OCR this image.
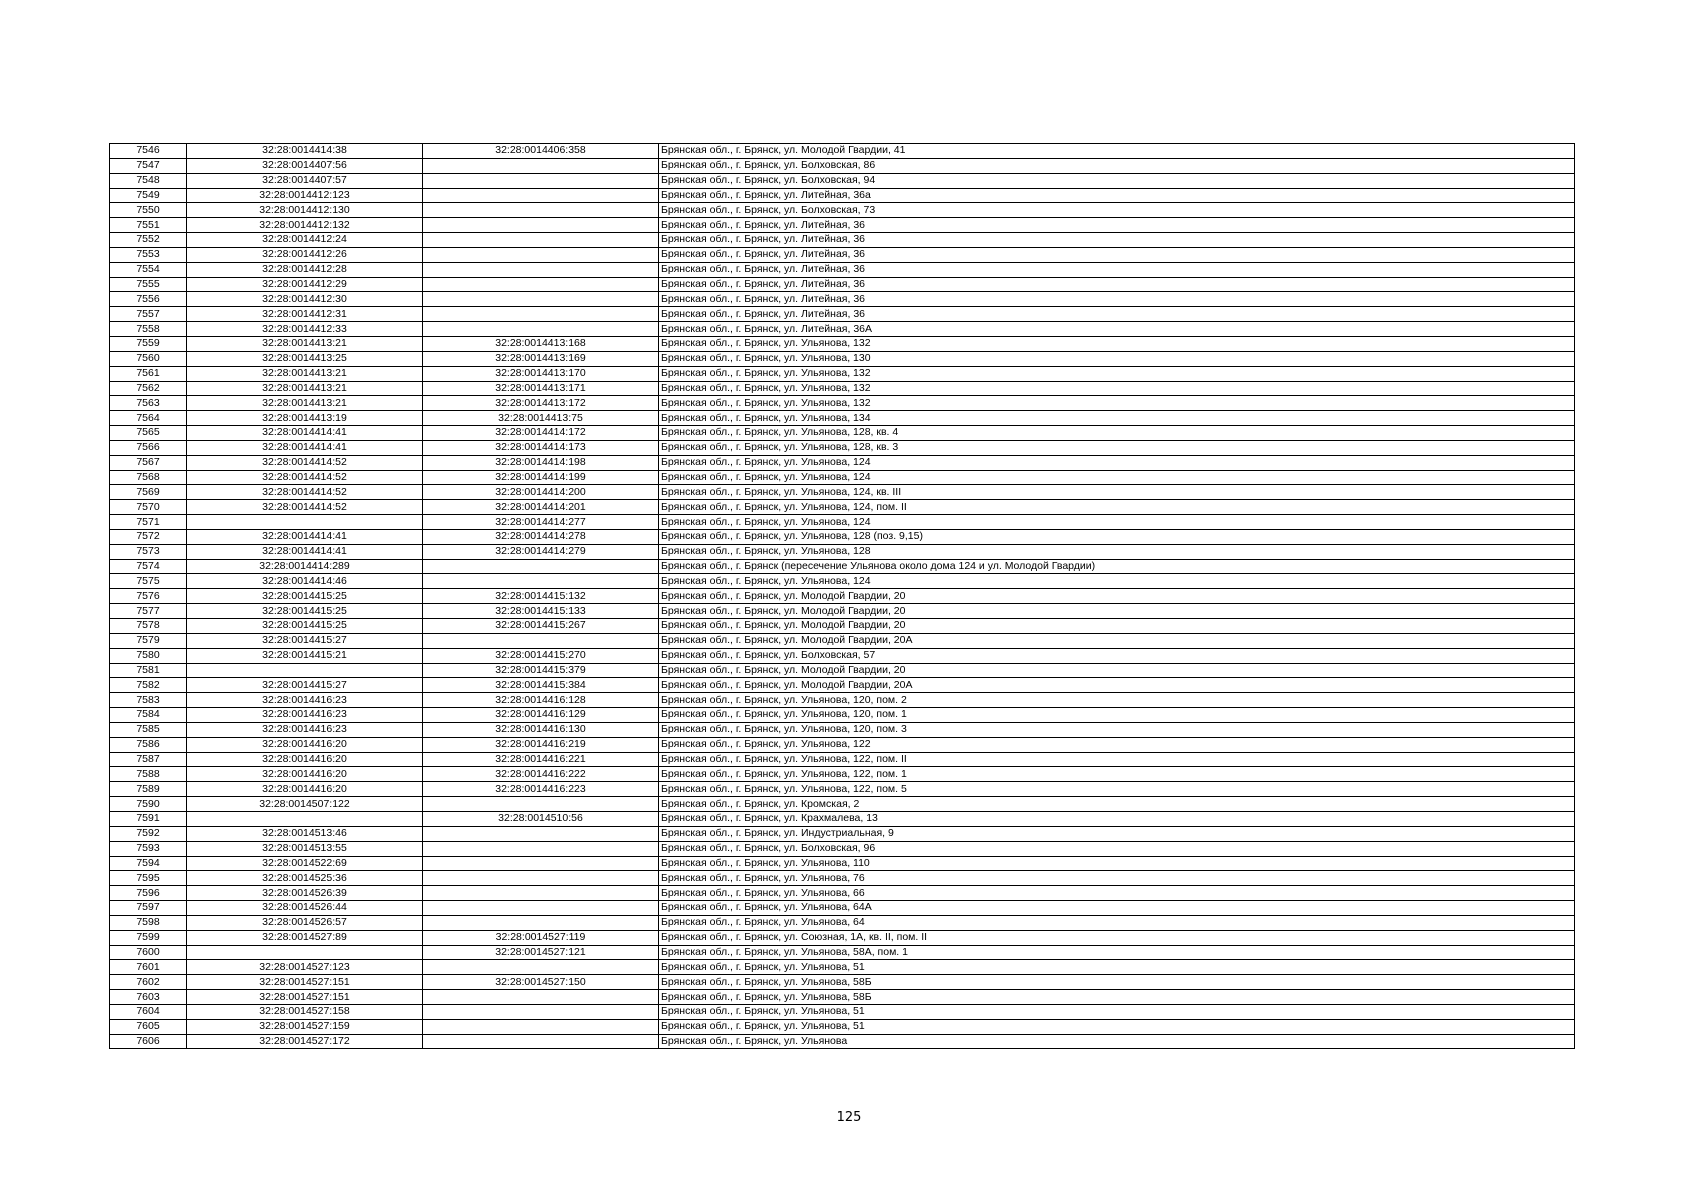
7546	32:28:0014414:38	32:28:0014406:358	Брянская обл., г. Брянск, ул. Молодой Гвардии, 41
7547	32:28:0014407:56		Брянская обл., г. Брянск, ул. Болховская, 86
7548	32:28:0014407:57		Брянская обл., г. Брянск, ул. Болховская, 94
7549	32:28:0014412:123		Брянская обл., г. Брянск, ул. Литейная, 36а
7550	32:28:0014412:130		Брянская обл., г. Брянск, ул. Болховская, 73
7551	32:28:0014412:132		Брянская обл., г. Брянск, ул. Литейная, 36
7552	32:28:0014412:24		Брянская обл., г. Брянск, ул. Литейная, 36
7553	32:28:0014412:26		Брянская обл., г. Брянск, ул. Литейная, 36
7554	32:28:0014412:28		Брянская обл., г. Брянск, ул. Литейная, 36
7555	32:28:0014412:29		Брянская обл., г. Брянск, ул. Литейная, 36
7556	32:28:0014412:30		Брянская обл., г. Брянск, ул. Литейная, 36
7557	32:28:0014412:31		Брянская обл., г. Брянск, ул. Литейная, 36
7558	32:28:0014412:33		Брянская обл., г. Брянск, ул. Литейная, 36А
7559	32:28:0014413:21	32:28:0014413:168	Брянская обл., г. Брянск, ул. Ульянова, 132
7560	32:28:0014413:25	32:28:0014413:169	Брянская обл., г. Брянск, ул. Ульянова, 130
7561	32:28:0014413:21	32:28:0014413:170	Брянская обл., г. Брянск, ул. Ульянова, 132
7562	32:28:0014413:21	32:28:0014413:171	Брянская обл., г. Брянск, ул. Ульянова, 132
7563	32:28:0014413:21	32:28:0014413:172	Брянская обл., г. Брянск, ул. Ульянова, 132
7564	32:28:0014413:19	32:28:0014413:75	Брянская обл., г. Брянск, ул. Ульянова, 134
7565	32:28:0014414:41	32:28:0014414:172	Брянская обл., г. Брянск, ул. Ульянова, 128, кв. 4
7566	32:28:0014414:41	32:28:0014414:173	Брянская обл., г. Брянск, ул. Ульянова, 128, кв. 3
7567	32:28:0014414:52	32:28:0014414:198	Брянская обл., г. Брянск, ул. Ульянова, 124
7568	32:28:0014414:52	32:28:0014414:199	Брянская обл., г. Брянск, ул. Ульянова, 124
7569	32:28:0014414:52	32:28:0014414:200	Брянская обл., г. Брянск, ул. Ульянова, 124, кв. III
7570	32:28:0014414:52	32:28:0014414:201	Брянская обл., г. Брянск, ул. Ульянова, 124, пом. II
7571		32:28:0014414:277	Брянская обл., г. Брянск, ул. Ульянова, 124
7572	32:28:0014414:41	32:28:0014414:278	Брянская обл., г. Брянск, ул. Ульянова, 128 (поз. 9,15)
7573	32:28:0014414:41	32:28:0014414:279	Брянская обл., г. Брянск, ул. Ульянова, 128
7574	32:28:0014414:289		Брянская обл., г. Брянск (пересечение Ульянова около дома 124 и ул. Молодой Гвардии)
7575	32:28:0014414:46		Брянская обл., г. Брянск, ул. Ульянова, 124
7576	32:28:0014415:25	32:28:0014415:132	Брянская обл., г. Брянск, ул. Молодой Гвардии, 20
7577	32:28:0014415:25	32:28:0014415:133	Брянская обл., г. Брянск, ул. Молодой Гвардии, 20
7578	32:28:0014415:25	32:28:0014415:267	Брянская обл., г. Брянск, ул. Молодой Гвардии, 20
7579	32:28:0014415:27		Брянская обл., г. Брянск, ул. Молодой Гвардии, 20А
7580	32:28:0014415:21	32:28:0014415:270	Брянская обл., г. Брянск, ул. Болховская, 57
7581		32:28:0014415:379	Брянская обл., г. Брянск, ул. Молодой Гвардии, 20
7582	32:28:0014415:27	32:28:0014415:384	Брянская обл., г. Брянск, ул. Молодой Гвардии, 20А
7583	32:28:0014416:23	32:28:0014416:128	Брянская обл., г. Брянск, ул. Ульянова, 120, пом. 2
7584	32:28:0014416:23	32:28:0014416:129	Брянская обл., г. Брянск, ул. Ульянова, 120, пом. 1
7585	32:28:0014416:23	32:28:0014416:130	Брянская обл., г. Брянск, ул. Ульянова, 120, пом. 3
7586	32:28:0014416:20	32:28:0014416:219	Брянская обл., г. Брянск, ул. Ульянова, 122
7587	32:28:0014416:20	32:28:0014416:221	Брянская обл., г. Брянск, ул. Ульянова, 122, пом. II
7588	32:28:0014416:20	32:28:0014416:222	Брянская обл., г. Брянск, ул. Ульянова, 122, пом. 1
7589	32:28:0014416:20	32:28:0014416:223	Брянская обл., г. Брянск, ул. Ульянова, 122, пом. 5
7590	32:28:0014507:122		Брянская обл., г. Брянск, ул. Кромская, 2
7591		32:28:0014510:56	Брянская обл., г. Брянск, ул. Крахмалева, 13
7592	32:28:0014513:46		Брянская обл., г. Брянск, ул. Индустриальная, 9
7593	32:28:0014513:55		Брянская обл., г. Брянск, ул. Болховская, 96
7594	32:28:0014522:69		Брянская обл., г. Брянск, ул. Ульянова, 110
7595	32:28:0014525:36		Брянская обл., г. Брянск, ул. Ульянова, 76
7596	32:28:0014526:39		Брянская обл., г. Брянск, ул. Ульянова, 66
7597	32:28:0014526:44		Брянская обл., г. Брянск, ул. Ульянова, 64А
7598	32:28:0014526:57		Брянская обл., г. Брянск, ул. Ульянова, 64
7599	32:28:0014527:89	32:28:0014527:119	Брянская обл., г. Брянск, ул. Союзная, 1А, кв. II, пом. II
7600		32:28:0014527:121	Брянская обл., г. Брянск, ул. Ульянова, 58А, пом. 1
7601	32:28:0014527:123		Брянская обл., г. Брянск, ул. Ульянова, 51
7602	32:28:0014527:151	32:28:0014527:150	Брянская обл., г. Брянск, ул. Ульянова, 58Б
7603	32:28:0014527:151		Брянская обл., г. Брянск, ул. Ульянова, 58Б
7604	32:28:0014527:158		Брянская обл., г. Брянск, ул. Ульянова, 51
7605	32:28:0014527:159		Брянская обл., г. Брянск, ул. Ульянова, 51
7606	32:28:0014527:172		Брянская обл., г. Брянск, ул. Ульянова
125
